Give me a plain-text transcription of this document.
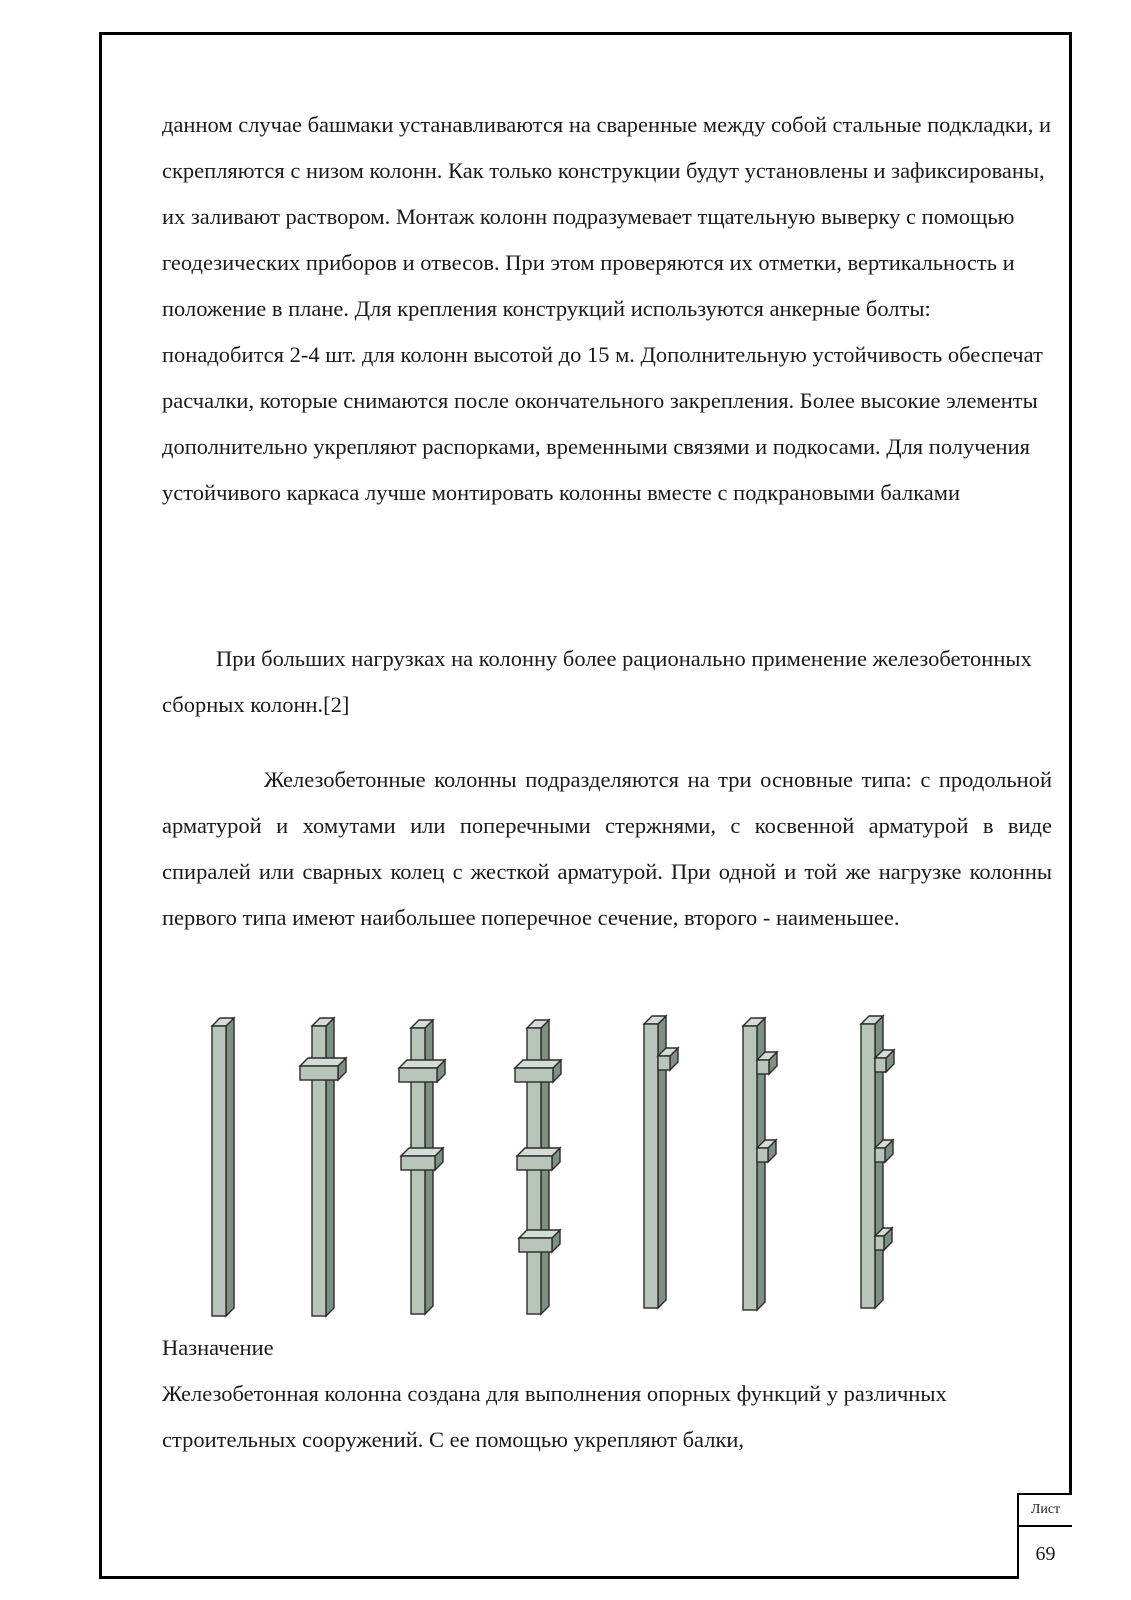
данном случае башмаки устанавливаются на сваренные между собой стальные подкладки, и скрепляются с низом колонн. Как только конструкции будут установлены и зафиксированы, их заливают раствором. Монтаж колонн подразумевает тщательную выверку с помощью геодезических приборов и отвесов. При этом проверяются их отметки, вертикальность и положение в плане. Для крепления конструкций используются анкерные болты: понадобится 2-4 шт. для колонн высотой до 15 м. Дополнительную устойчивость обеспечат расчалки, которые снимаются после окончательного закрепления. Более высокие элементы дополнительно укрепляют распорками, временными связями и подкосами. Для получения устойчивого каркаса лучше монтировать колонны вместе с подкрановыми балками
При больших нагрузках на колонну более рационально применение железобетонных сборных колонн.[2]
Железобетонные колонны подразделяются на три основные типа: с продольной арматурой и хомутами или поперечными стержнями, с косвенной арматурой в виде спиралей или сварных колец с жесткой арматурой. При одной и той же нагрузке колонны первого типа имеют наибольшее поперечное сечение, второго - наименьшее.
Назначение
Железобетонная колонна создана для выполнения опорных функций у различных строительных сооружений. С ее помощью укрепляют балки,
Лист
69
